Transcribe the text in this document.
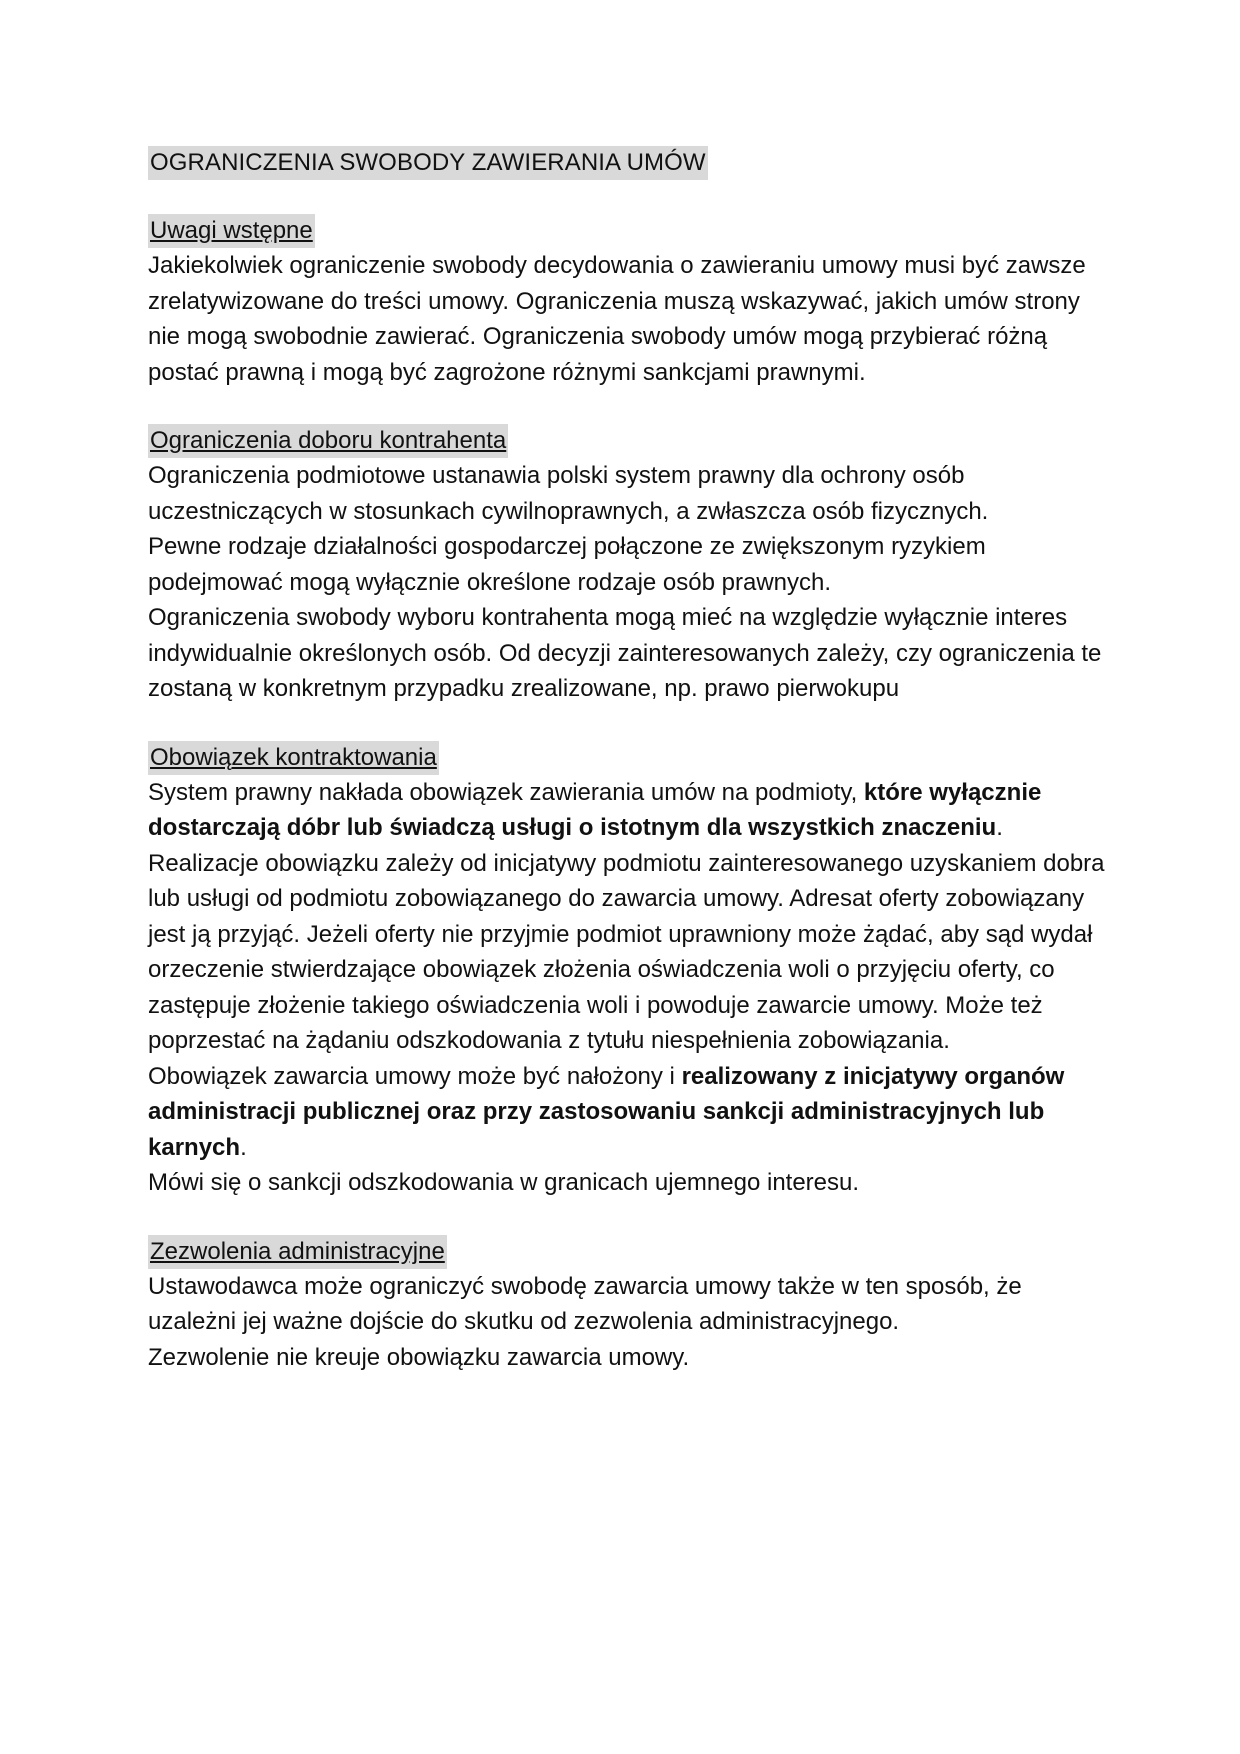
OGRANICZENIA SWOBODY ZAWIERANIA UMÓW
Uwagi wstępne

Jakiekolwiek ograniczenie swobody decydowania o zawieraniu umowy musi być zawsze zrelatywizowane do treści umowy. Ograniczenia muszą wskazywać, jakich umów strony nie mogą swobodnie zawierać. Ograniczenia swobody umów mogą przybierać różną postać prawną i mogą być zagrożone różnymi sankcjami prawnymi.

Ograniczenia doboru kontrahenta

Ograniczenia podmiotowe ustanawia polski system prawny dla ochrony osób uczestniczących w stosunkach cywilnoprawnych, a zwłaszcza osób fizycznych.

Pewne rodzaje działalności gospodarczej połączone ze zwiększonym ryzykiem podejmować mogą wyłącznie określone rodzaje osób prawnych.

Ograniczenia swobody wyboru kontrahenta mogą mieć na względzie wyłącznie interes indywidualnie określonych osób. Od decyzji zainteresowanych zależy, czy ograniczenia te zostaną w konkretnym przypadku zrealizowane, np. prawo pierwokupu

Obowiązek kontraktowania

System prawny nakłada obowiązek zawierania umów na podmioty, które wyłącznie dostarczają dóbr lub świadczą usługi o istotnym dla wszystkich znaczeniu.

Realizacje obowiązku zależy od inicjatywy podmiotu zainteresowanego uzyskaniem dobra lub usługi od podmiotu zobowiązanego do zawarcia umowy. Adresat oferty zobowiązany jest ją przyjąć. Jeżeli oferty nie przyjmie podmiot uprawniony może żądać, aby sąd wydał orzeczenie stwierdzające obowiązek złożenia oświadczenia woli o przyjęciu oferty, co zastępuje złożenie takiego oświadczenia woli i powoduje zawarcie umowy. Może też poprzestać na żądaniu odszkodowania z tytułu niespełnienia zobowiązania.

Obowiązek zawarcia umowy może być nałożony i realizowany z inicjatywy organów administracji publicznej oraz przy zastosowaniu sankcji administracyjnych lub karnych.

Mówi się o sankcji odszkodowania w granicach ujemnego interesu.

Zezwolenia administracyjne

Ustawodawca może ograniczyć swobodę zawarcia umowy także w ten sposób, że uzależni jej ważne dojście do skutku od zezwolenia administracyjnego.

Zezwolenie nie kreuje obowiązku zawarcia umowy.
